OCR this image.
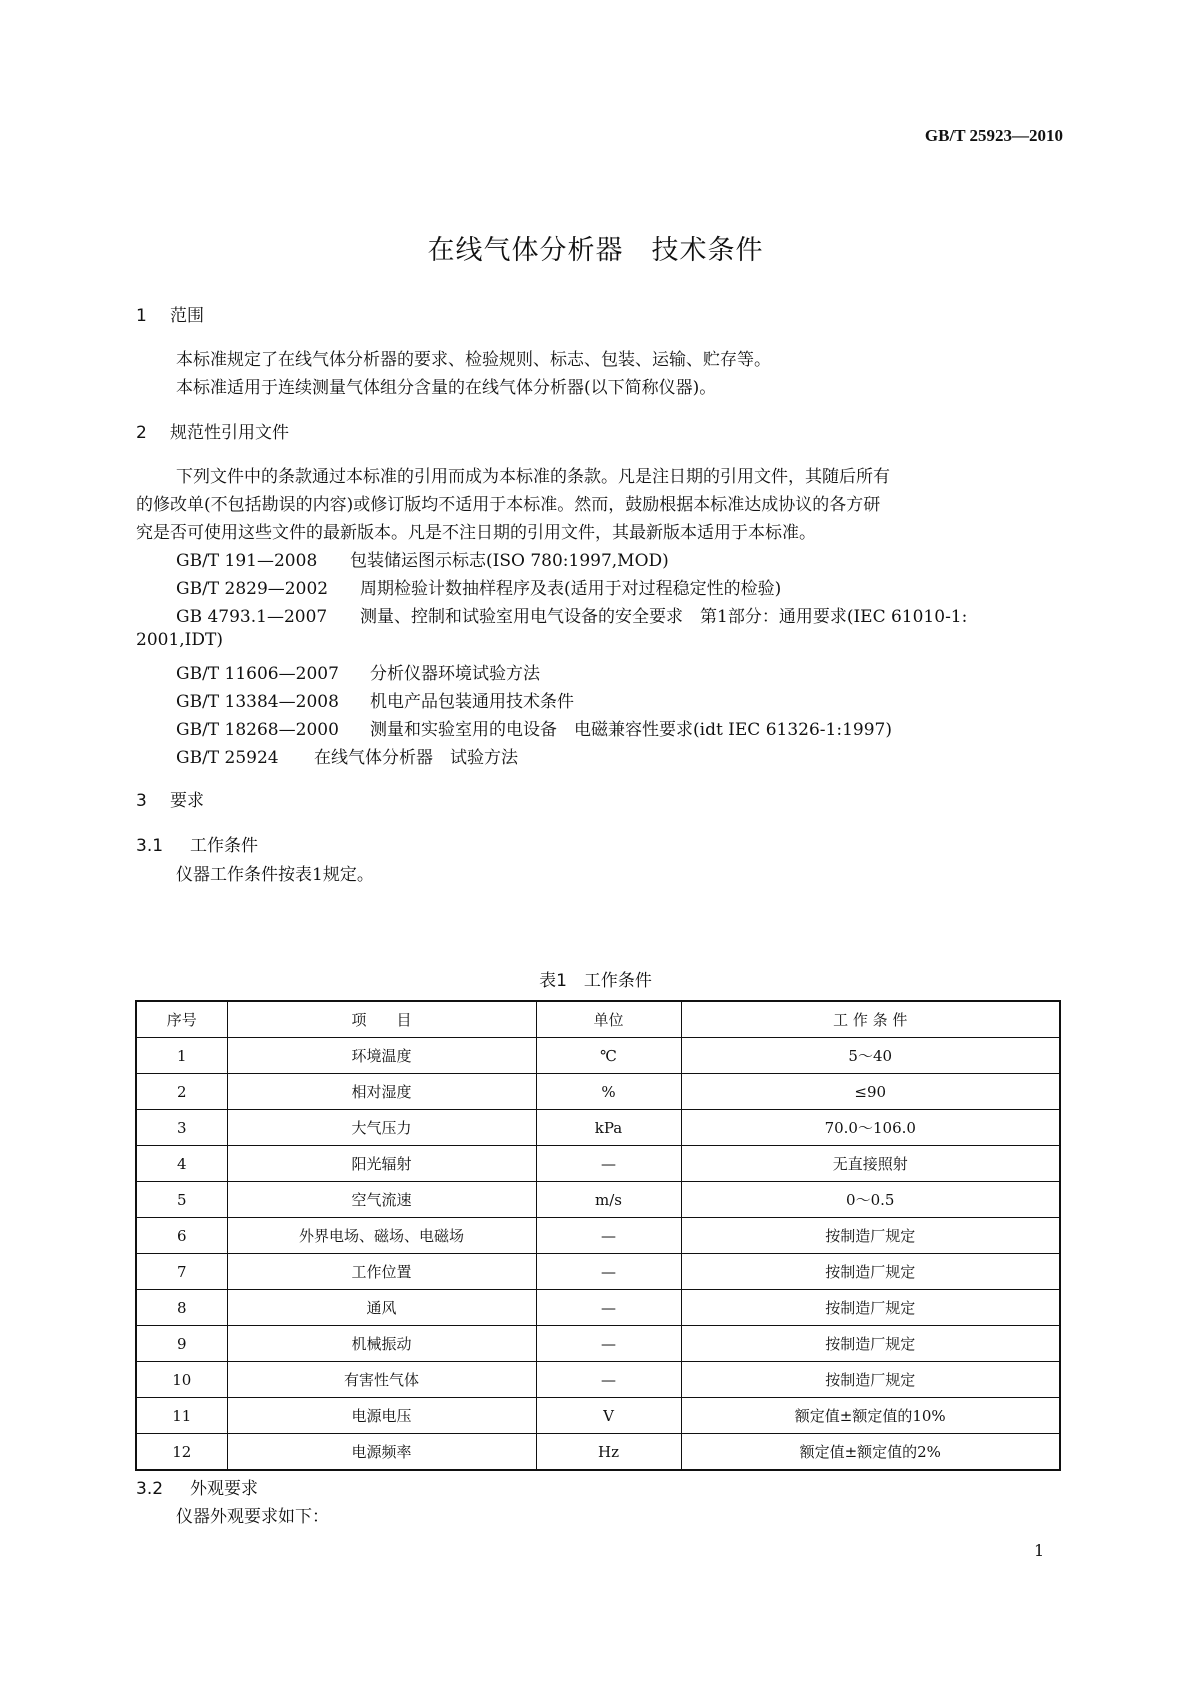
GB/T 25923—2010
在线气体分析器　技术条件
1 范围
本标准规定了在线气体分析器的要求、检验规则、标志、包装、运输、贮存等。
本标准适用于连续测量气体组分含量的在线气体分析器(以下简称仪器)。
2 规范性引用文件
下列文件中的条款通过本标准的引用而成为本标准的条款。凡是注日期的引用文件，其随后所有
的修改单(不包括勘误的内容)或修订版均不适用于本标准。然而，鼓励根据本标准达成协议的各方研
究是否可使用这些文件的最新版本。凡是不注日期的引用文件，其最新版本适用于本标准。
GB/T 191—2008 包装储运图示标志(ISO 780:1997,MOD)
GB/T 2829—2002 周期检验计数抽样程序及表(适用于对过程稳定性的检验)
GB 4793.1—2007 测量、控制和试验室用电气设备的安全要求　第1部分：通用要求(IEC 61010-1:
2001,IDT)
GB/T 11606—2007 分析仪器环境试验方法
GB/T 13384—2008 机电产品包装通用技术条件
GB/T 18268—2000 测量和实验室用的电设备　电磁兼容性要求(idt IEC 61326-1:1997)
GB/T 25924 在线气体分析器　试验方法
3 要求
3.1 工作条件
仪器工作条件按表1规定。
表1　工作条件
序号	项　　目	单位	工 作 条 件
1	环境温度	℃	5～40
2	相对湿度	%	≤90
3	大气压力	kPa	70.0～106.0
4	阳光辐射	—	无直接照射
5	空气流速	m/s	0～0.5
6	外界电场、磁场、电磁场	—	按制造厂规定
7	工作位置	—	按制造厂规定
8	通风	—	按制造厂规定
9	机械振动	—	按制造厂规定
10	有害性气体	—	按制造厂规定
11	电源电压	V	额定值±额定值的10%
12	电源频率	Hz	额定值±额定值的2%
3.2 外观要求
仪器外观要求如下：
1
